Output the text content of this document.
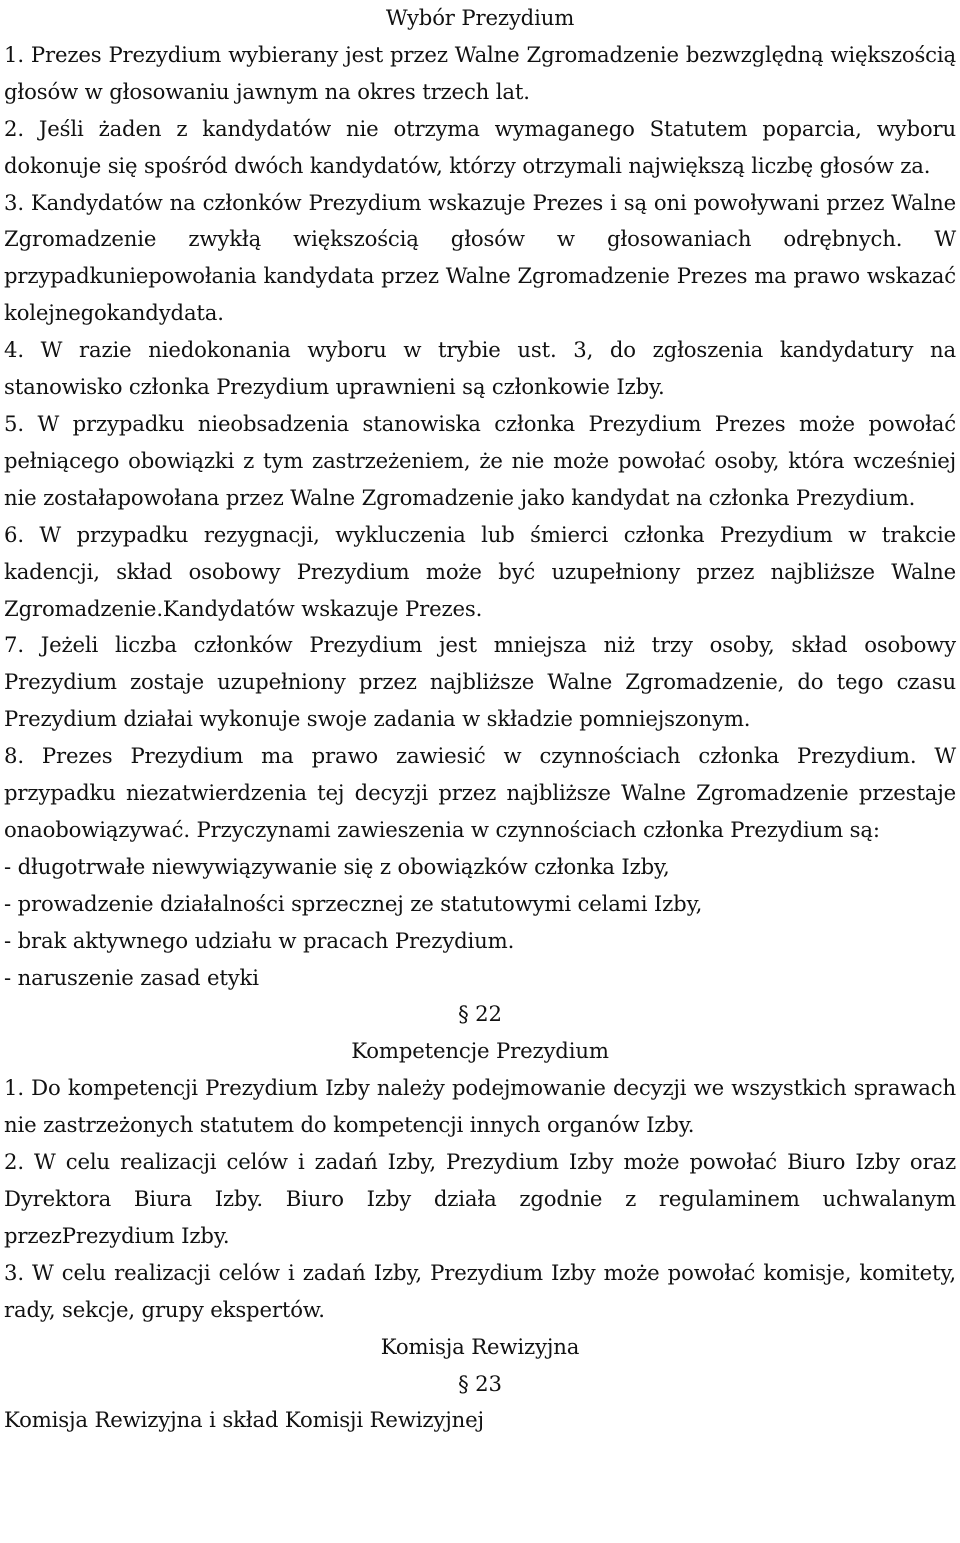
Wybór Prezydium

1. Prezes Prezydium wybierany jest przez Walne Zgromadzenie bezwzględną większością głosów w głosowaniu jawnym na okres trzech lat.

2. Jeśli żaden z kandydatów nie otrzyma wymaganego Statutem poparcia, wyboru dokonuje się spośród dwóch kandydatów, którzy otrzymali największą liczbę głosów za.

3. Kandydatów na członków Prezydium wskazuje Prezes i są oni powoływani przez Walne Zgromadzenie zwykłą większością głosów w głosowaniach odrębnych. W przypadkuniepowołania kandydata przez Walne Zgromadzenie Prezes ma prawo wskazać kolejnegokandydata.

4. W razie niedokonania wyboru w trybie ust. 3, do zgłoszenia kandydatury na stanowisko członka Prezydium uprawnieni są członkowie Izby.

5. W przypadku nieobsadzenia stanowiska członka Prezydium Prezes może powołać pełniącego obowiązki z tym zastrzeżeniem, że nie może powołać osoby, która wcześniej nie zostałapowołana przez Walne Zgromadzenie jako kandydat na członka Prezydium.

6. W przypadku rezygnacji, wykluczenia lub śmierci członka Prezydium w trakcie kadencji, skład osobowy Prezydium może być uzupełniony przez najbliższe Walne Zgromadzenie.Kandydatów wskazuje Prezes.

7. Jeżeli liczba członków Prezydium jest mniejsza niż trzy osoby, skład osobowy Prezydium zostaje uzupełniony przez najbliższe Walne Zgromadzenie, do tego czasu Prezydium działai wykonuje swoje zadania w składzie pomniejszonym.

8. Prezes Prezydium ma prawo zawiesić w czynnościach członka Prezydium. W przypadku niezatwierdzenia tej decyzji przez najbliższe Walne Zgromadzenie przestaje onaobowiązywać. Przyczynami zawieszenia w czynnościach członka Prezydium są:

- długotrwałe niewywiązywanie się z obowiązków członka Izby,

- prowadzenie działalności sprzecznej ze statutowymi celami Izby,

- brak aktywnego udziału w pracach Prezydium.

- naruszenie zasad etyki

§ 22

Kompetencje Prezydium

1. Do kompetencji Prezydium Izby należy podejmowanie decyzji we wszystkich sprawach nie zastrzeżonych statutem do kompetencji innych organów Izby.

2. W celu realizacji celów i zadań Izby, Prezydium Izby może powołać Biuro Izby oraz Dyrektora Biura Izby. Biuro Izby działa zgodnie z regulaminem uchwalanym przezPrezydium Izby.

3. W celu realizacji celów i zadań Izby, Prezydium Izby może powołać komisje, komitety, rady, sekcje, grupy ekspertów.

Komisja Rewizyjna

§ 23

Komisja Rewizyjna i skład Komisji Rewizyjnej
